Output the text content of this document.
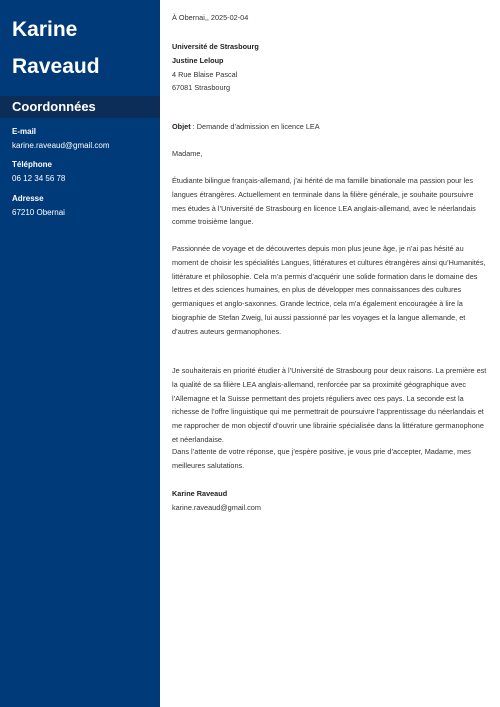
Karine
Raveaud
Coordonnées
E-mail
karine.raveaud@gmail.com
Téléphone
06 12 34 56 78
Adresse
67210 Obernai

À Obernai,, 2025-02-04

Université de Strasbourg

Justine Leloup

4 Rue Blaise Pascal

67081 Strasbourg

Objet : Demande d’admission en licence LEA

Madame,

Étudiante bilingue français-allemand, j’ai hérité de ma famille binationale ma passion pour les langues étrangères. Actuellement en terminale dans la filière générale, je souhaite poursuivre mes études à l’Université de Strasbourg en licence LEA anglais-allemand, avec le néerlandais comme troisième langue.

Passionnée de voyage et de découvertes depuis mon plus jeune âge, je n’ai pas hésité au moment de choisir les spécialités Langues, littératures et cultures étrangères ainsi qu’Humanités, littérature et philosophie. Cela m’a permis d’acquérir une solide formation dans le domaine des lettres et des sciences humaines, en plus de développer mes connaissances des cultures germaniques et anglo-saxonnes. Grande lectrice, cela m’a également encouragée à lire la biographie de Stefan Zweig, lui aussi passionné par les voyages et la langue allemande, et d’autres auteurs germanophones.

Je souhaiterais en priorité étudier à l’Université de Strasbourg pour deux raisons. La première est la qualité de sa filière LEA anglais-allemand, renforcée par sa proximité géographique avec l’Allemagne et la Suisse permettant des projets réguliers avec ces pays. La seconde est la richesse de l’offre linguistique qui me permettrait de poursuivre l’apprentissage du néerlandais et me rapprocher de mon objectif d’ouvrir une librairie spécialisée dans la littérature germanophone et néerlandaise.

Dans l’attente de votre réponse, que j’espère positive, je vous prie d’accepter, Madame, mes meilleures salutations.

Karine Raveaud

karine.raveaud@gmail.com
